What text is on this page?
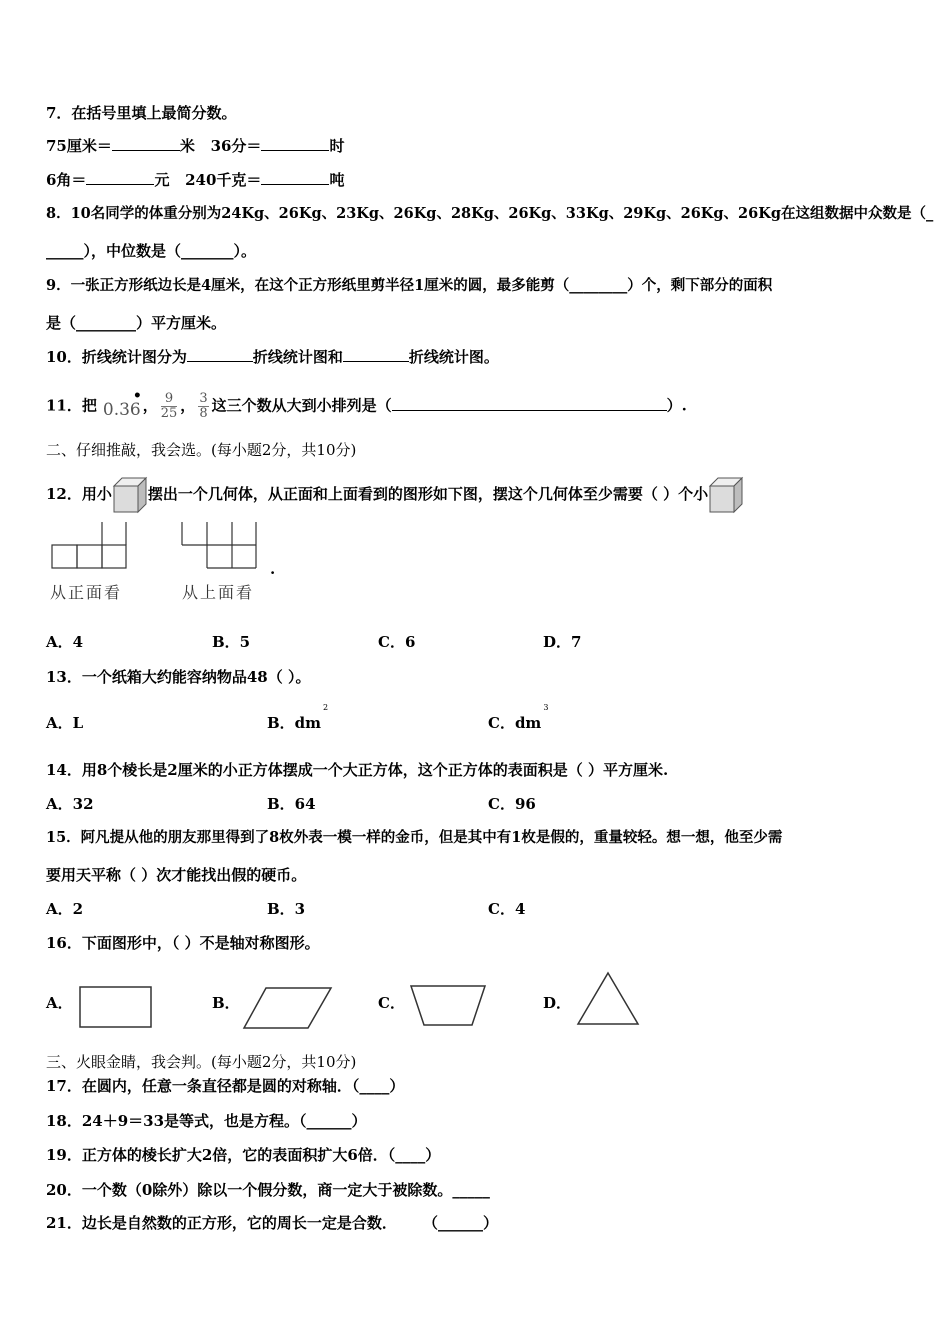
7．在括号里填上最简分数。
75厘米＝	米 36分＝	时
6角＝	元 240千克＝	吨
8．10名同学的体重分别为24Kg、26Kg、23Kg、26Kg、28Kg、26Kg、33Kg、29Kg、26Kg、26Kg在这组数据中众数是（_
_____），中位数是（_______）。
9．一张正方形纸边长是4厘米，在这个正方形纸里剪半径1厘米的圆，最多能剪（________）个，剩下部分的面积
是（________）平方厘米。
10．折线统计图分为	折线统计图和	折线统计图。
11．把 0.36
•
， $\frac{9}{25}$ ， $\frac{3}{8}$ 这三个数从大到小排列是（	）.
二、仔细推敲，我会选。(每小题2分，共10分)
12．用小 摆出一个几何体，从正面和上面看到的图形如下图，摆这个几何体至少需要（ ）个小
从正面看	从上面看
.
A．4	B．5	C．6	D．7
13．一个纸箱大约能容纳物品48（ ）。
A．L	B．$dm^2$
C．$dm^3$
14．用8个棱长是2厘米的小正方体摆成一个大正方体，这个正方体的表面积是（ ）平方厘米.
A．32	B．64	C．96
15．阿凡提从他的朋友那里得到了8枚外表一模一样的金币，但是其中有1枚是假的，重量较轻。想一想，他至少需
要用天平称（ ）次才能找出假的硬币。
A．2	B．3	C．4
16．下面图形中，（ ）不是轴对称图形。
A．	B．	C．	D．
三、火眼金睛，我会判。(每小题2分，共10分)
17．在圆内，任意一条直径都是圆的对称轴．（____）
18．24＋9＝33是等式，也是方程。（______）
19．正方体的棱长扩大2倍，它的表面积扩大6倍．（____）
20．一个数（0除外）除以一个假分数，商一定大于被除数。_____
21．边长是自然数的正方形，它的周长一定是合数．     （______）
